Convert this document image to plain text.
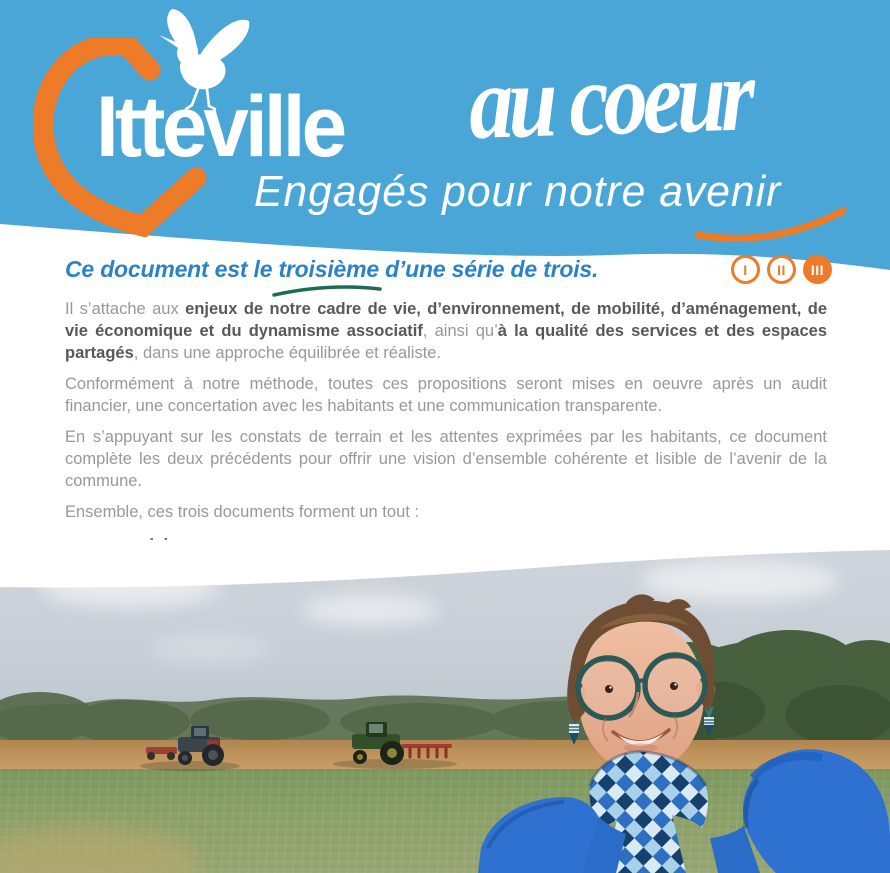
Itteville au coeur
Engagés pour notre avenir
I	II	III
Ce document est le troisième d’une série de trois.

Il s’attache aux enjeux de notre cadre de vie, d’environnement, de mobilité, d’aménagement, de vie économique et du dynamisme associatif, ainsi qu’à la qualité des services et des espaces partagés, dans une approche équilibrée et réaliste.

Conformément à notre méthode, toutes ces propositions seront mises en oeuvre après un audit financier, une concertation avec les habitants et une communication transparente.

En s’appuyant sur les constats de terrain et les attentes exprimées par les habitants, ce document complète les deux précédents pour offrir une vision d’ensemble cohérente et lisible de l’avenir de la commune.

Ensemble, ces trois documents forment un tout :
